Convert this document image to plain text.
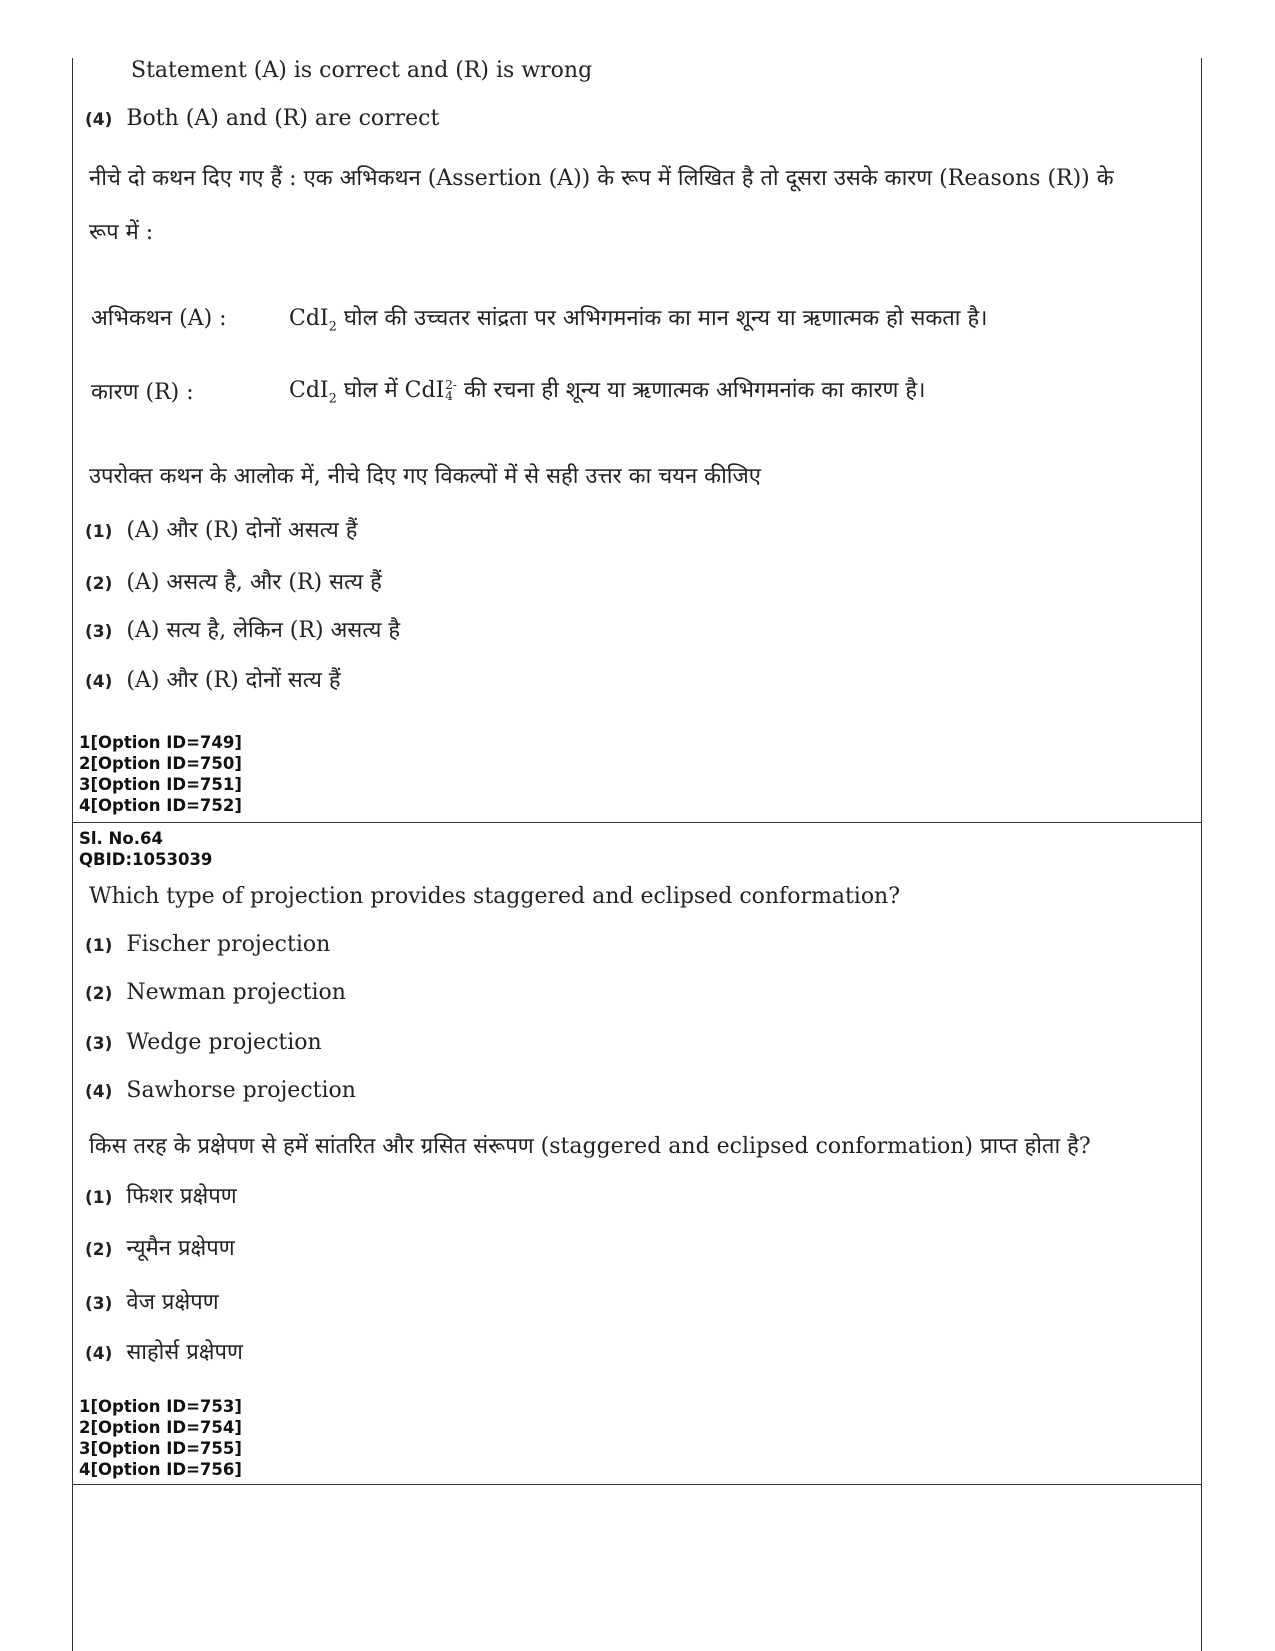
Statement (A) is correct and (R) is wrong
(4) Both (A) and (R) are correct
नीचे दो कथन दिए गए हैं : एक अभिकथन (Assertion (A)) के रूप में लिखित है तो दूसरा उसके कारण (Reasons (R)) के
रूप में :
अभिकथन (A) :	CdI$_2$ घोल की उच्चतर सांद्रता पर अभिगमनांक का मान शून्य या ऋणात्मक हो सकता है।
कारण (R) :	CdI$_2$ घोल में CdI 2-
4 की रचना ही शून्य या ऋणात्मक अभिगमनांक का कारण है।
उपरोक्त कथन के आलोक में, नीचे दिए गए विकल्पों में से सही उत्तर का चयन कीजिए
(1) (A) और (R) दोनों असत्य हैं
(2) (A) असत्य है, और (R) सत्य हैं
(3) (A) सत्य है, लेकिन (R) असत्य है
(4) (A) और (R) दोनों सत्य हैं
1[Option ID=749]
2[Option ID=750]
3[Option ID=751]
4[Option ID=752]
Sl. No.64
QBID:1053039
Which type of projection provides staggered and eclipsed conformation?
(1) Fischer projection
(2) Newman projection
(3) Wedge projection
(4) Sawhorse projection
किस तरह के प्रक्षेपण से हमें सांतरित और ग्रसित संरूपण (staggered and eclipsed conformation) प्राप्त होता है?
(1) फिशर प्रक्षेपण
(2) न्यूमैन प्रक्षेपण
(3) वेज प्रक्षेपण
(4) साहोर्स प्रक्षेपण
1[Option ID=753]
2[Option ID=754]
3[Option ID=755]
4[Option ID=756]
